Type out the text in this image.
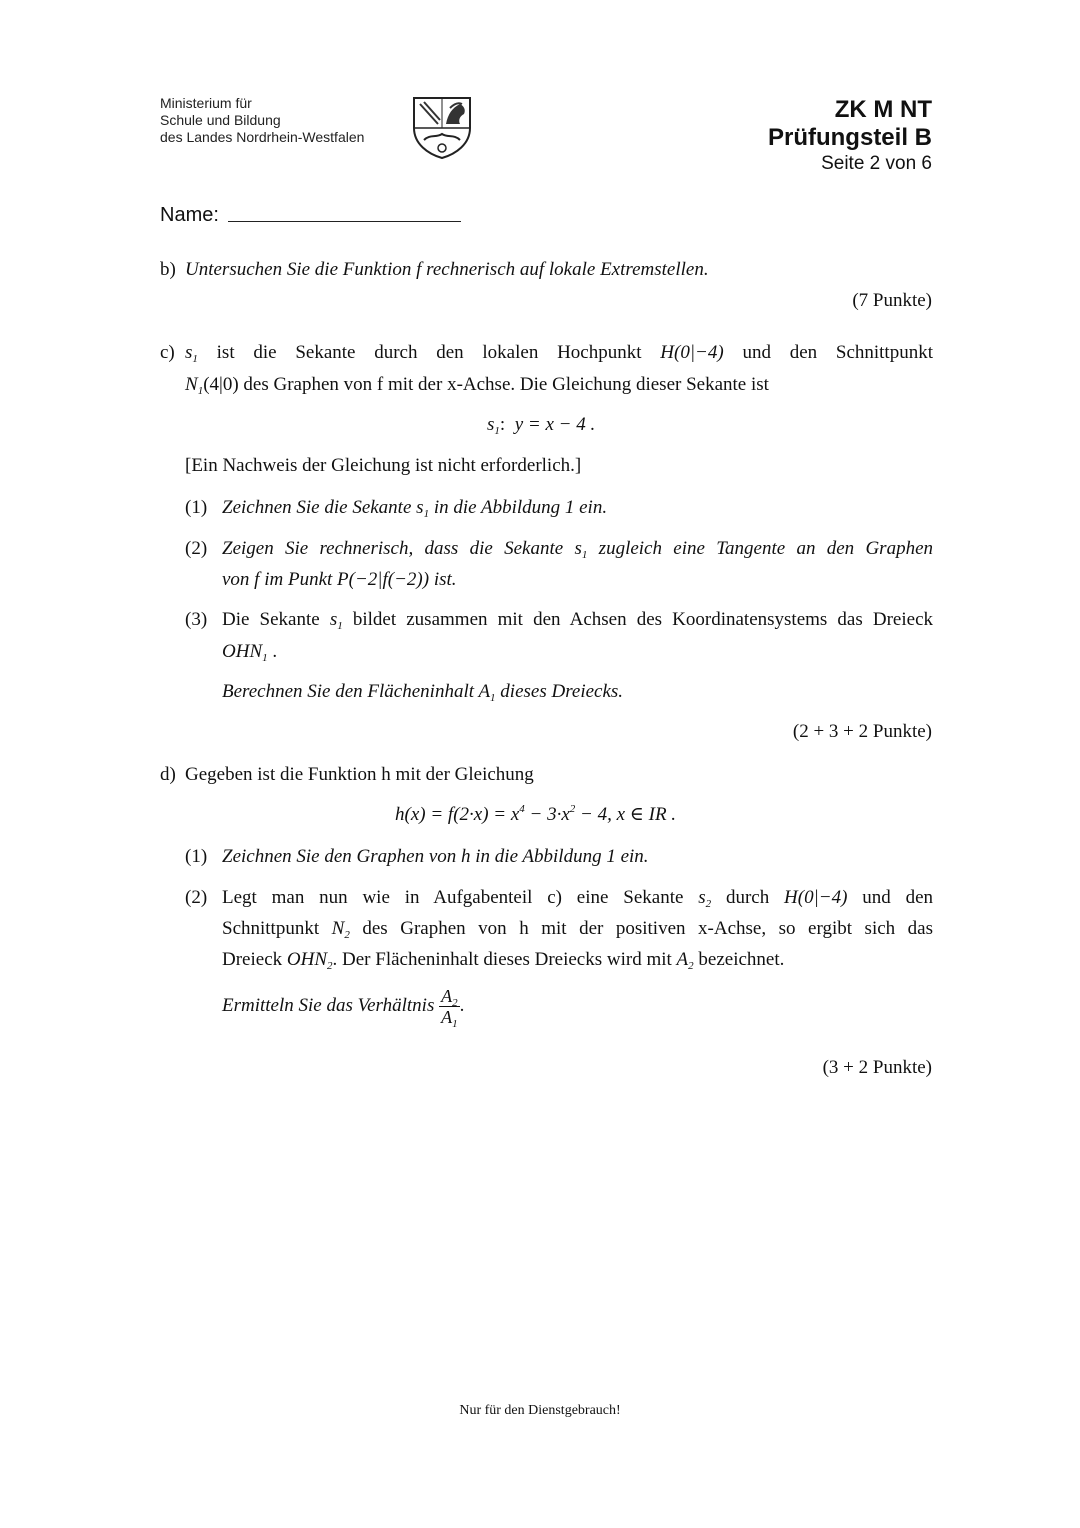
Ministerium für
Schule und Bildung
des Landes Nordrhein-Westfalen
ZK M NT
Prüfungsteil B
Seite 2 von 6
Name:
b) Untersuchen Sie die Funktion f rechnerisch auf lokale Extremstellen.
(7 Punkte)
c) $s_1$ ist die Sekante durch den lokalen Hochpunkt H(0|−4) und den Schnittpunkt
$N_1(4|0)$ des Graphen von f mit der x-Achse. Die Gleichung dieser Sekante ist
$s_1$:  y = x − 4 .
[Ein Nachweis der Gleichung ist nicht erforderlich.]
(1) Zeichnen Sie die Sekante $s_1$ in die Abbildung 1 ein.
(2) Zeigen Sie rechnerisch, dass die Sekante $s_1$ zugleich eine Tangente an den Graphen
von f im Punkt P(−2|f(−2)) ist.
(3) Die Sekante $s_1$ bildet zusammen mit den Achsen des Koordinatensystems das Dreieck
$OHN_1$ .
Berechnen Sie den Flächeninhalt $A_1$ dieses Dreiecks.
(2 + 3 + 2 Punkte)
d) Gegeben ist die Funktion h mit der Gleichung
$h(x) = f(2\cdot x) = x^4 - 3\cdot x^2 - 4$, x ∈ IR .
(1) Zeichnen Sie den Graphen von h in die Abbildung 1 ein.
(2) Legt man nun wie in Aufgabenteil c) eine Sekante $s_2$ durch H(0|−4) und den
Schnittpunkt $N_2$ des Graphen von h mit der positiven x-Achse, so ergibt sich das
Dreieck $OHN_2$. Der Flächeninhalt dieses Dreiecks wird mit $A_2$ bezeichnet.
Ermitteln Sie das Verhältnis $\frac{A_2}{A_1}$ .
(3 + 2 Punkte)
Nur für den Dienstgebrauch!
